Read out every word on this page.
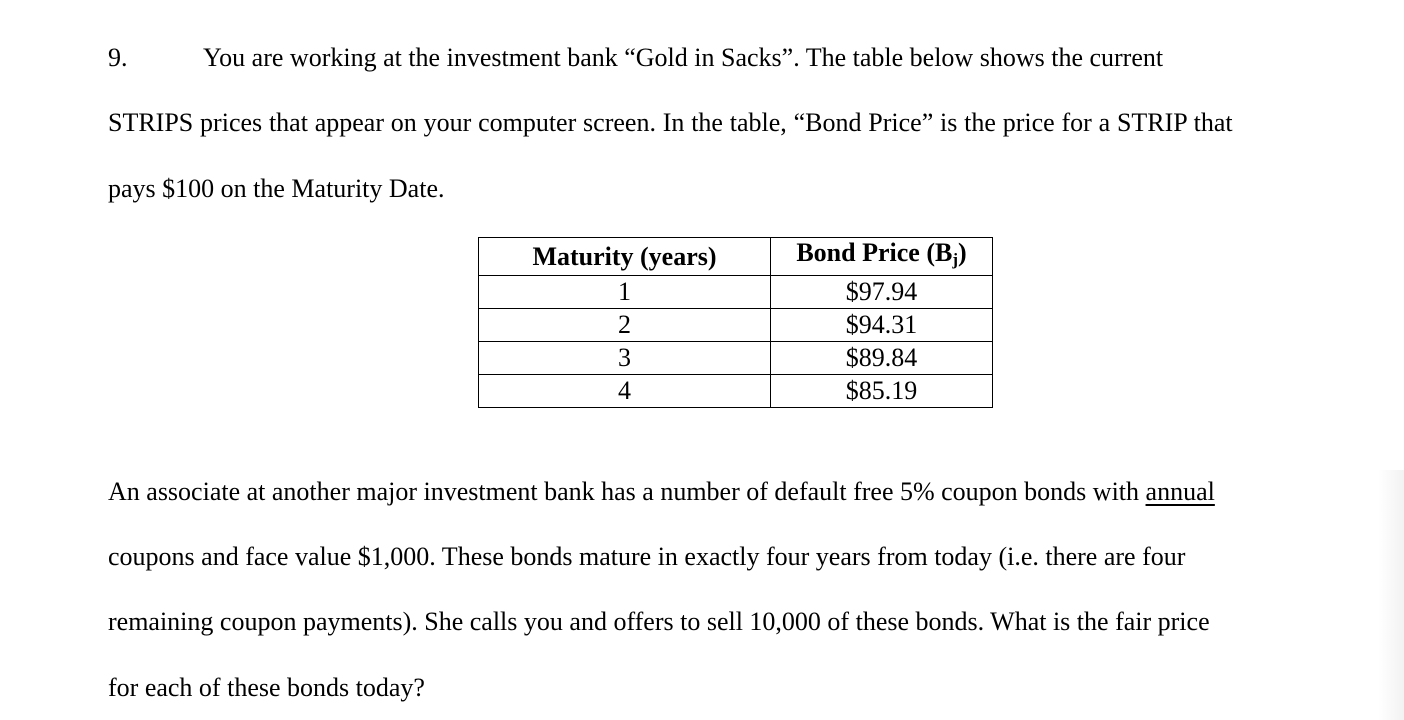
9.	You are working at the investment bank “Gold in Sacks”. The table below shows the current
STRIPS prices that appear on your computer screen. In the table, “Bond Price” is the price for a STRIP that
pays $100 on the Maturity Date.
Maturity (years)	Bond Price $(B_j)$
1	$97.94
2	$94.31
3	$89.84
4	$85.19
An associate at another major investment bank has a number of default free 5% coupon bonds with annual
coupons and face value $1,000. These bonds mature in exactly four years from today (i.e. there are four
remaining coupon payments). She calls you and offers to sell 10,000 of these bonds. What is the fair price
for each of these bonds today?
